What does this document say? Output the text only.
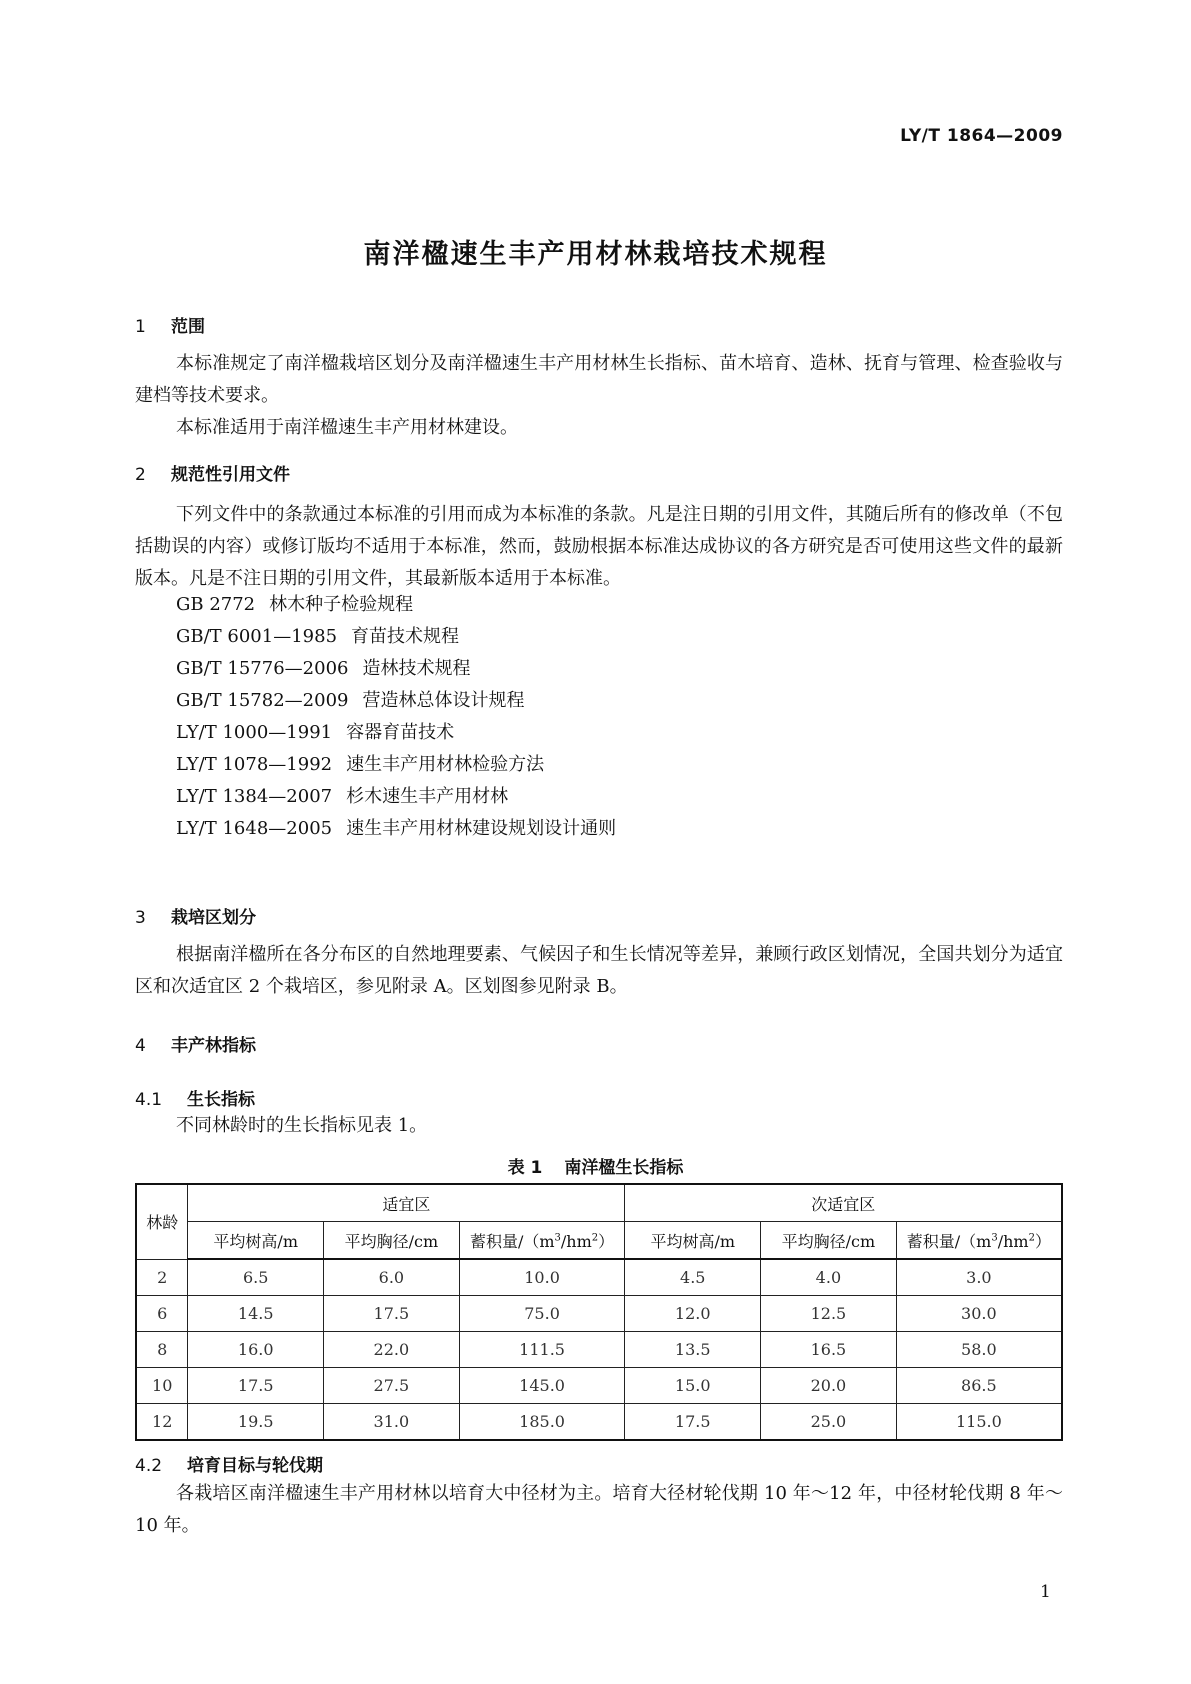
LY/T 1864—2009
南洋楹速生丰产用材林栽培技术规程
1 范围
本标准规定了南洋楹栽培区划分及南洋楹速生丰产用材林生长指标、苗木培育、造林、抚育与管理、检查验收与建档等技术要求。
本标准适用于南洋楹速生丰产用材林建设。
2 规范性引用文件
下列文件中的条款通过本标准的引用而成为本标准的条款。凡是注日期的引用文件，其随后所有的修改单（不包括勘误的内容）或修订版均不适用于本标准，然而，鼓励根据本标准达成协议的各方研究是否可使用这些文件的最新版本。凡是不注日期的引用文件，其最新版本适用于本标准。
GB 2772 林木种子检验规程
GB/T 6001—1985 育苗技术规程
GB/T 15776—2006 造林技术规程
GB/T 15782—2009 营造林总体设计规程
LY/T 1000—1991 容器育苗技术
LY/T 1078—1992 速生丰产用材林检验方法
LY/T 1384—2007 杉木速生丰产用材林
LY/T 1648—2005 速生丰产用材林建设规划设计通则
3 栽培区划分
根据南洋楹所在各分布区的自然地理要素、气候因子和生长情况等差异，兼顾行政区划情况，全国共划分为适宜区和次适宜区 2 个栽培区，参见附录 A。区划图参见附录 B。
4 丰产林指标
4.1 生长指标
不同林龄时的生长指标见表 1。
表 1 南洋楹生长指标
林龄	适宜区			次适宜区		
	平均树高/m	平均胸径/cm	蓄积量$/(m^3/hm^2)$	平均树高/m	平均胸径/cm	蓄积量$/(m^3/hm^2)$
2	6.5	6.0	10.0	4.5	4.0	3.0
6	14.5	17.5	75.0	12.0	12.5	30.0
8	16.0	22.0	111.5	13.5	16.5	58.0
10	17.5	27.5	145.0	15.0	20.0	86.5
12	19.5	31.0	185.0	17.5	25.0	115.0
4.2 培育目标与轮伐期
各栽培区南洋楹速生丰产用材林以培育大中径材为主。培育大径材轮伐期 10 年～12 年，中径材轮伐期 8 年～10 年。
1
